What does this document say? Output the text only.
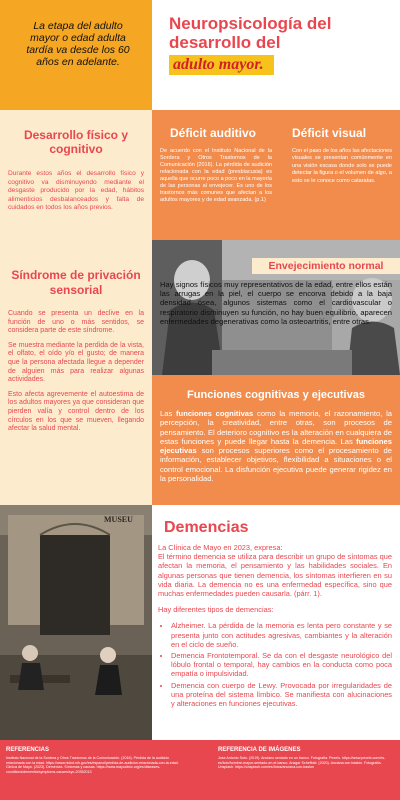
La etapa del adulto mayor o edad adulta tardía va desde los 60 años en adelante.
Neuropsicología del
desarrollo del
adulto mayor.
Desarrollo físico y cognitivo
Durante estos años el desarrollo físico y cognitivo va disminuyendo mediante el desgaste producido por la edad, hábitos alimenticios desbalanceados y falta de cuidados en todos los años previos.
Déficit auditivo
De acuerdo con el Instituto Nacional de la Sordera y Otros Trastornos de la Comunicación (2016). La pérdida de audición relacionada con la edad (presbiacusia) es aquella que ocurre poco a poco en la mayoría de las personas al envejecer. Es uno de los trastornos más comunes que afectan a los adultos mayores y de edad avanzada. (p.1)
Déficit visual
Con el paso de los años las afectaciones visuales se presentan comúnmente en una visión escasa donde solo se puede detectar la figura o el volumen de algo, a esto se le conoce como cataratas.
Síndrome de privación sensorial

Cuando se presenta un declive en la función de uno o más sentidos, se considera parte de este síndrome.

Se muestra mediante la perdida de la vista, el olfato, el oído y/o el gusto; de manera que la persona afectada llegue a depender de alguien más para realizar algunas actividades.

Esto afecta agrevemente el autoestima de los adultos mayores ya que consideran que pierden valía y control dentro de los círculos en los que se mueven, llegando afectar la salud mental.

Envejecimiento normal
Hay signos físicos muy representativos de la edad, entre ellos están las arrugas en la piel, el cuerpo se encorva debido a la baja densidad ósea, algunos sistemas como el cardiovascular o respiratorio disminuyen su función, no hay buen equilibrio, aparecen enfermedades degenerativas como la osteoartritis, entre otras.
Funciones cognitivas y ejecutivas
Las funciones cognitivas como la memoria, el razonamiento, la percepción, la creatividad, entre otras, son procesos de pensamiento. El deterioro cognitivo es la alteración en cualquiera de estas funciones y puede llegar hasta la demencia. Las funciones ejecutivas son procesos superiores como el procesamiento de información, establecer objetivos, flexibilidad a situaciones o el control emocional. La disfunción ejecutiva puede generar rigidez en la personalidad.
MUSEU Demencias
La Clínica de Mayo en 2023, expresa:

El término demencia se utiliza para describir un grupo de síntomas que afectan la memoria, el pensamiento y las habilidades sociales. En algunas personas que tienen demencia, los síntomas interfieren en su vida diaria. La demencia no es una enfermedad específica, sino que muchas enfermedades pueden causarla. (párr. 1).

Hay diferentes tipos de demencias:

• Alzheimer. La pérdida de la memoria es lenta pero constante y se presenta junto con actitudes agresivas, cambiantes y la alteración en el ciclo de sueño.
• Demencia Frontotemporal. Se da con el desgaste neurológico del lóbulo frontal o temporal, hay cambios en la conducta como poca empatía o impulsividad.
• Demencia con cuerpo de Lewy. Provocada por irregularidades de una proteína del sistema límbico. Se manifiesta con alucinaciones y alteraciones en funciones ejecutivas.
REFERENCIAS
Instituto Nacional de la Sordera y Otros Trastornos de la Comunicación. (2016). Pérdida de la audición relacionada con la edad. https://www.nidcd.nih.gov/es/espanol/perdida-de-audicion-relacionada-con-la-edad. Clínica de Mayo. (2023). Demencia. Síntomas y causas. https://www.mayoclinic.org/es/diseases-conditions/dementia/symptoms-causes/syc-20352013
REFERENCIA DE IMÁGENES
Jose Antonio Soto. (2019). Anciano sentado en un banco. Fotografía. Pexels. https://www.pexels.com/es-es/foto/hombre-mayor-sentado-en-el-banco. Ansgar Scheffold. (2020). Anciana con bastón. Fotografía. Unsplash. https://unsplash.com/es/fotos/anciana-con-baston
